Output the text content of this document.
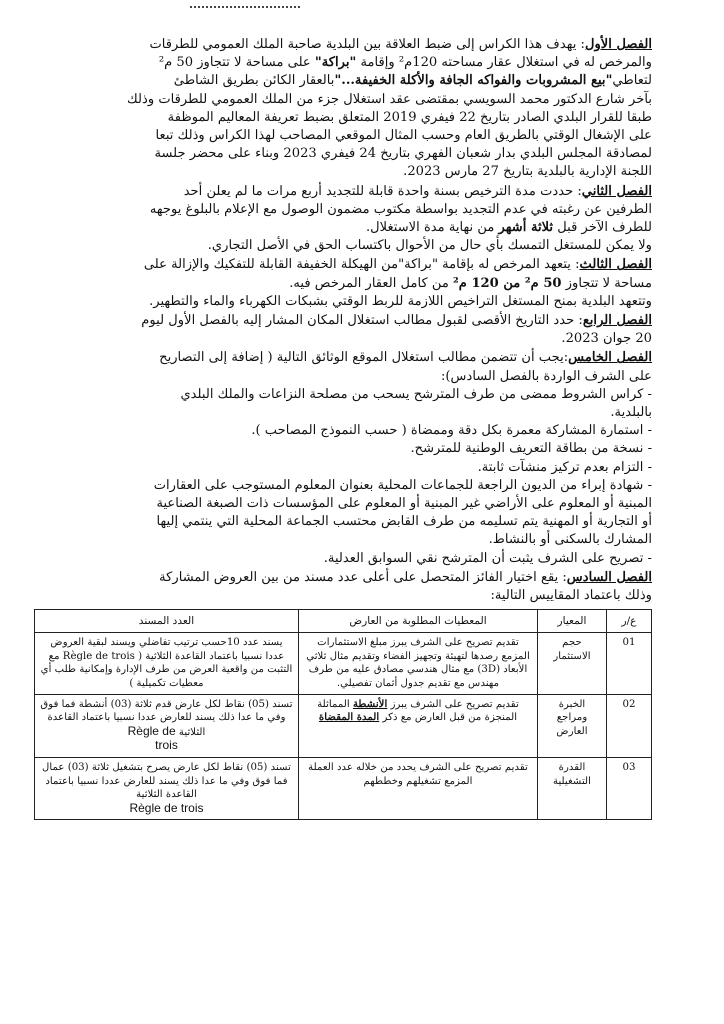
الفصل الأول: يهدف هذا الكراس إلى ضبط العلاقة بين البلدية صاحبة الملك العمومي للطرقات
والمرخص له في استغلال عقار مساحته 120م² وإقامة "براكة" على مساحة لا تتجاوز 50 م²
لتعاطي"بيع المشروبات والفواكه الجافة والأكلة الخفيفة..."بالعقار الكائن بطريق الشاطئ
بآخر شارع الدكتور محمد السويسي بمقتضى عقد استغلال جزء من الملك العمومي للطرقات وذلك
طبقا للقرار البلدي الصادر بتاريخ 22 فيفري 2019 المتعلق بضبط تعريفة المعاليم الموظفة
على الإشغال الوقتي بالطريق العام وحسب المثال الموقعي المصاحب لهذا الكراس وذلك تبعا
لمصادقة المجلس البلدي بدار شعبان الفهري بتاريخ 24 فيفري 2023 وبناء على محضر جلسة
اللجنة الإدارية بالبلدية بتاريخ 27 مارس 2023.
الفصل الثاني: حددت مدة الترخيص بسنة واحدة قابلة للتجديد أربع مرات ما لم يعلن أحد
الطرفين عن رغبته في عدم التجديد بواسطة مكتوب مضمون الوصول مع الإعلام بالبلوغ يوجهه
للطرف الآخر قبل ثلاثة أشهر من نهاية مدة الاستغلال.
ولا يمكن للمستغل التمسك بأي حال من الأحوال باكتساب الحق في الأصل التجاري.
الفصل الثالث: يتعهد المرخص له بإقامة "براكة"من الهيكلة الخفيفة القابلة للتفكيك والإزالة على
مساحة لا تتجاوز 50 م² من 120 م² من كامل العقار المرخص فيه.
وتتعهد البلدية بمنح المستغل التراخيص اللازمة للربط الوقتي بشبكات الكهرباء والماء والتطهير.
الفصل الرابع: حدد التاريخ الأقصى لقبول مطالب استغلال المكان المشار إليه بالفصل الأول ليوم
20 جوان 2023.
الفصل الخامس:يجب أن تتضمن مطالب استغلال الموقع الوثائق التالية ( إضافة إلى التصاريح
على الشرف الواردة بالفصل السادس):
- كراس الشروط ممضى من طرف المترشح يسحب من مصلحة النزاعات والملك البلدي
بالبلدية.
- استمارة المشاركة معمرة بكل دقة وممضاة ( حسب النموذج المصاحب ).
- نسخة من بطاقة التعريف الوطنية للمترشح.
- التزام بعدم تركيز منشآت ثابتة.
- شهادة إبراء من الديون الراجعة للجماعات المحلية بعنوان المعلوم المستوجب على العقارات
المبنية أو المعلوم على الأراضي غير المبنية أو المعلوم على المؤسسات ذات الصبغة الصناعية
أو التجارية أو المهنية يتم تسليمه من طرف القابض محتسب الجماعة المحلية التي ينتمي إليها
المشارك بالسكنى أو بالنشاط.
- تصريح على الشرف يثبت أن المترشح نقي السوابق العدلية.
الفصل السادس: يقع اختيار الفائز المتحصل على أعلى عدد مسند من بين العروض المشاركة
وذلك باعتماد المقاييس التالية:
ع/ر	المعيار	المعطيات المطلوبة من العارض	العدد المسند
01	حجم الاستثمار	تقديم تصريح على الشرف يبرز مبلغ الاستثمارات المزمع رصدها لتهيئة وتجهيز الفضاء وتقديم مثال ثلاثي الأبعاد (3D) مع مثال هندسي مصادق عليه من طرف مهندس مع تقديم جدول أثمان تفصيلي.	يسند عدد 10حسب ترتيب تفاضلي ويسند لبقية العروض عددا نسبيا باعتماد القاعدة الثلاثية ( Règle de trois مع التثبت من واقعية العرض من طرف الإدارة وإمكانية طلب أي معطيات تكميلية )
02	الخبرة ومراجع العارض	تقديم تصريح على الشرف يبرز الأنشطة المماثلة المنجزة من قبل العارض مع ذكر المدة المقضاة	تسند (05) نقاط لكل عارض قدم ثلاثة (03) أنشطة فما فوق وفي ما عدا ذلك يسند للعارض عددا نسبيا باعتماد القاعدة الثلاثية Règle de
trois
03	القدرة التشغيلية	تقديم تصريح على الشرف يحدد من خلاله عدد العملة المزمع تشغيلهم وخططهم	تسند (05) نقاط لكل عارض يصرح بتشغيل ثلاثة (03) عمال فما فوق وفي ما عدا ذلك يسند للعارض عددا نسبيا باعتماد القاعدة الثلاثية
Règle de trois
